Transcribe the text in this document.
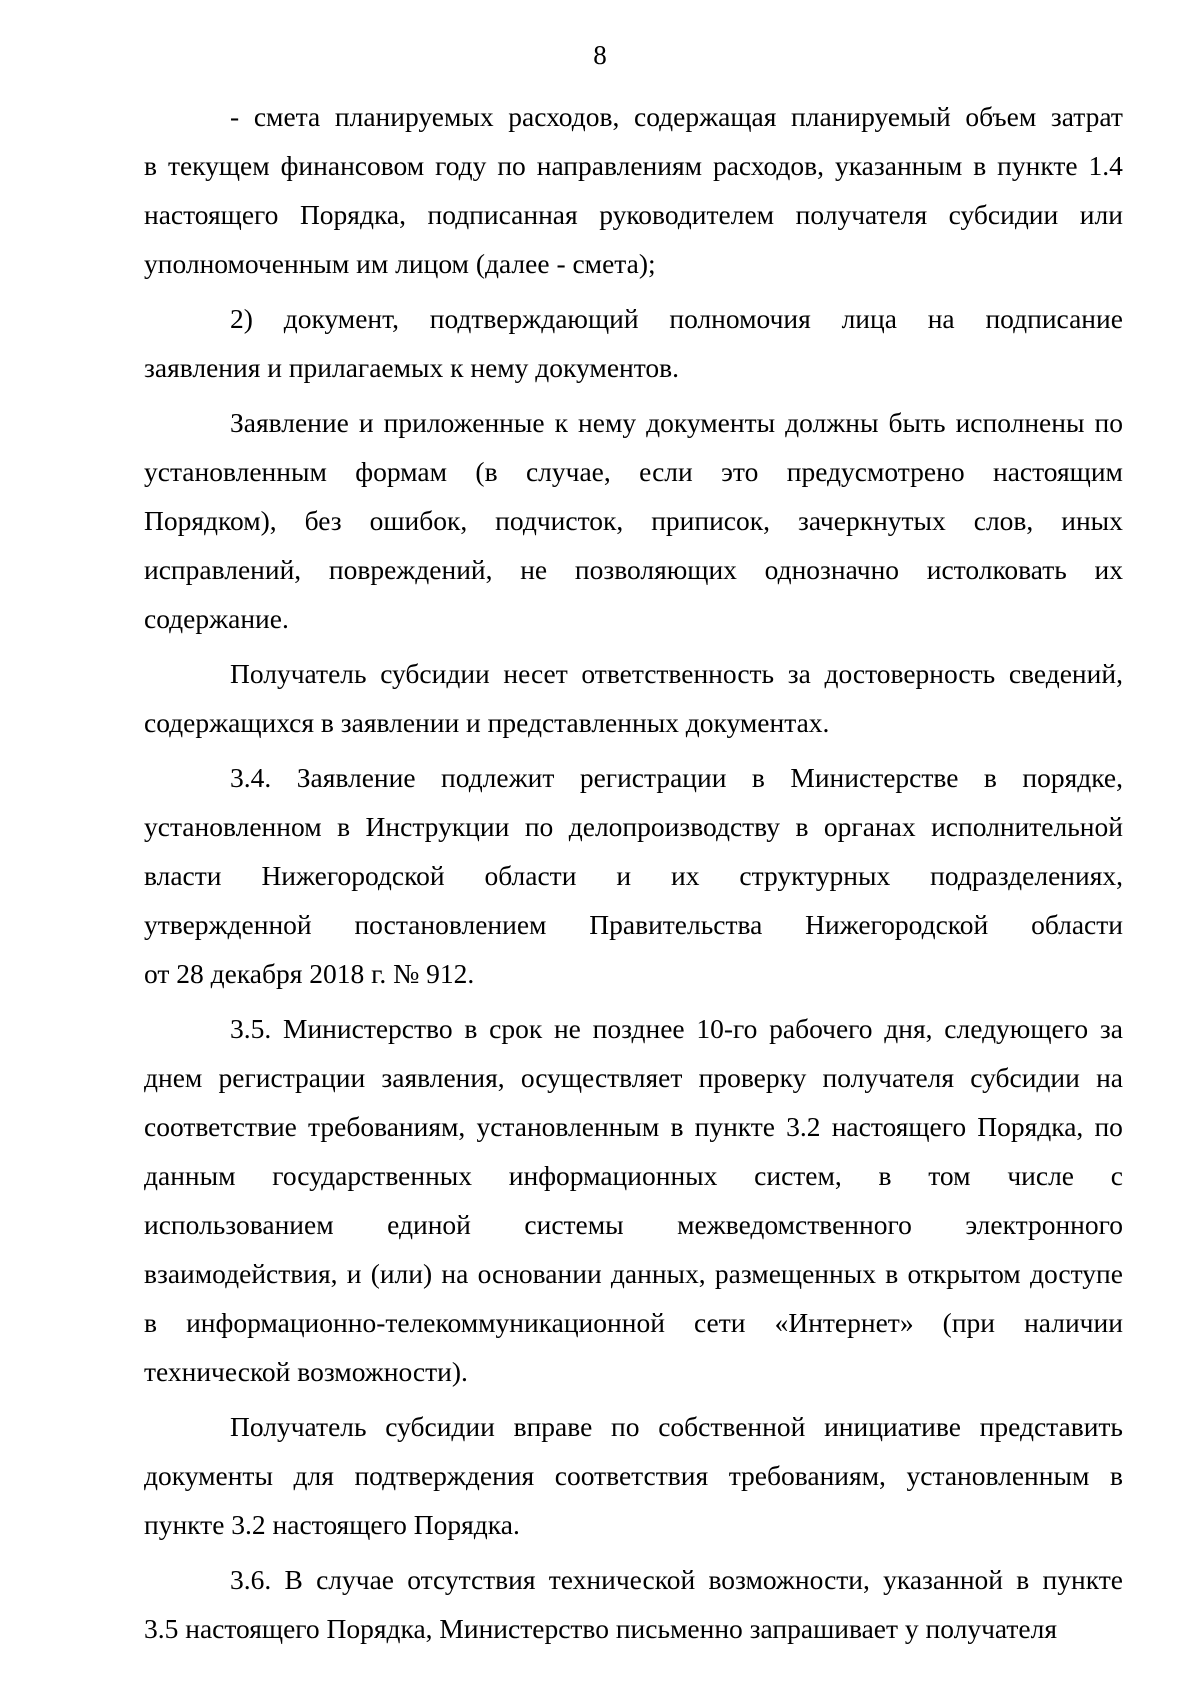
8
- смета планируемых расходов, содержащая планируемый объем затрат
в текущем финансовом году по направлениям расходов, указанным в пункте 1.4
настоящего Порядка, подписанная руководителем получателя субсидии или
уполномоченным им лицом (далее - смета);
2) документ, подтверждающий полномочия лица на подписание
заявления и прилагаемых к нему документов.
Заявление и приложенные к нему документы должны быть исполнены по
установленным формам (в случае, если это предусмотрено настоящим
Порядком), без ошибок, подчисток, приписок, зачеркнутых слов, иных
исправлений, повреждений, не позволяющих однозначно истолковать их
содержание.
Получатель субсидии несет ответственность за достоверность сведений,
содержащихся в заявлении и представленных документах.
3.4. Заявление подлежит регистрации в Министерстве в порядке,
установленном в Инструкции по делопроизводству в органах исполнительной
власти Нижегородской области и их структурных подразделениях,
утвержденной постановлением Правительства Нижегородской области
от 28 декабря 2018 г. № 912.
3.5. Министерство в срок не позднее 10-го рабочего дня, следующего за
днем регистрации заявления, осуществляет проверку получателя субсидии на
соответствие требованиям, установленным в пункте 3.2 настоящего Порядка, по
данным государственных информационных систем, в том числе с
использованием единой системы межведомственного электронного
взаимодействия, и (или) на основании данных, размещенных в открытом доступе
в информационно-телекоммуникационной сети «Интернет» (при наличии
технической возможности).
Получатель субсидии вправе по собственной инициативе представить
документы для подтверждения соответствия требованиям, установленным в
пункте 3.2 настоящего Порядка.
3.6. В случае отсутствия технической возможности, указанной в пункте
3.5 настоящего Порядка, Министерство письменно запрашивает у получателя
